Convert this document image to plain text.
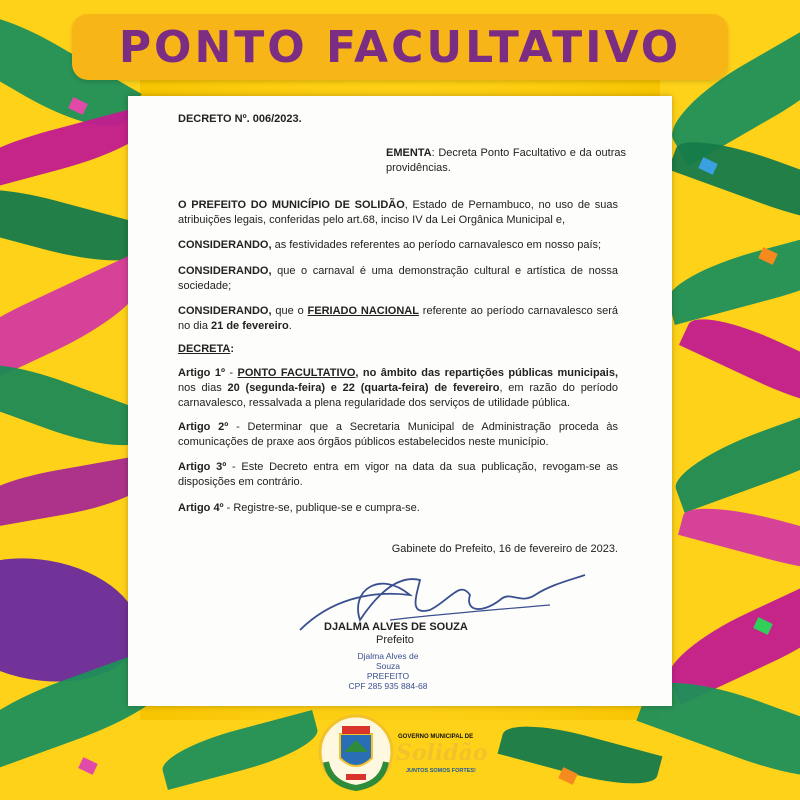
PONTO FACULTATIVO

DECRETO Nº. 006/2023.

EMENTA: Decreta Ponto Facultativo e da outras providências.

O PREFEITO DO MUNICÍPIO DE SOLIDÃO, Estado de Pernambuco, no uso de suas atribuições legais, conferidas pelo art.68, inciso IV da Lei Orgânica Municipal e,

CONSIDERANDO, as festividades referentes ao período carnavalesco em nosso país;

CONSIDERANDO, que o carnaval é uma demonstração cultural e artística de nossa sociedade;

CONSIDERANDO, que o FERIADO NACIONAL referente ao período carnavalesco será no dia 21 de fevereiro.

DECRETA:

Artigo 1º - PONTO FACULTATIVO, no âmbito das repartições públicas municipais, nos dias 20 (segunda-feira) e 22 (quarta-feira) de fevereiro, em razão do período carnavalesco, ressalvada a plena regularidade dos serviços de utilidade pública.

Artigo 2º - Determinar que a Secretaria Municipal de Administração proceda às comunicações de praxe aos órgãos públicos estabelecidos neste município.

Artigo 3º - Este Decreto entra em vigor na data da sua publicação, revogam-se as disposições em contrário.

Artigo 4º - Registre-se, publique-se e cumpra-se.

Gabinete do Prefeito, 16 de fevereiro de 2023.

DJALMA ALVES DE SOUZA

Prefeito

Djalma Alves de Souza
PREFEITO
CPF 285 935 884-68
GOVERNO MUNICIPAL DE
Solidão
JUNTOS SOMOS FORTES!
